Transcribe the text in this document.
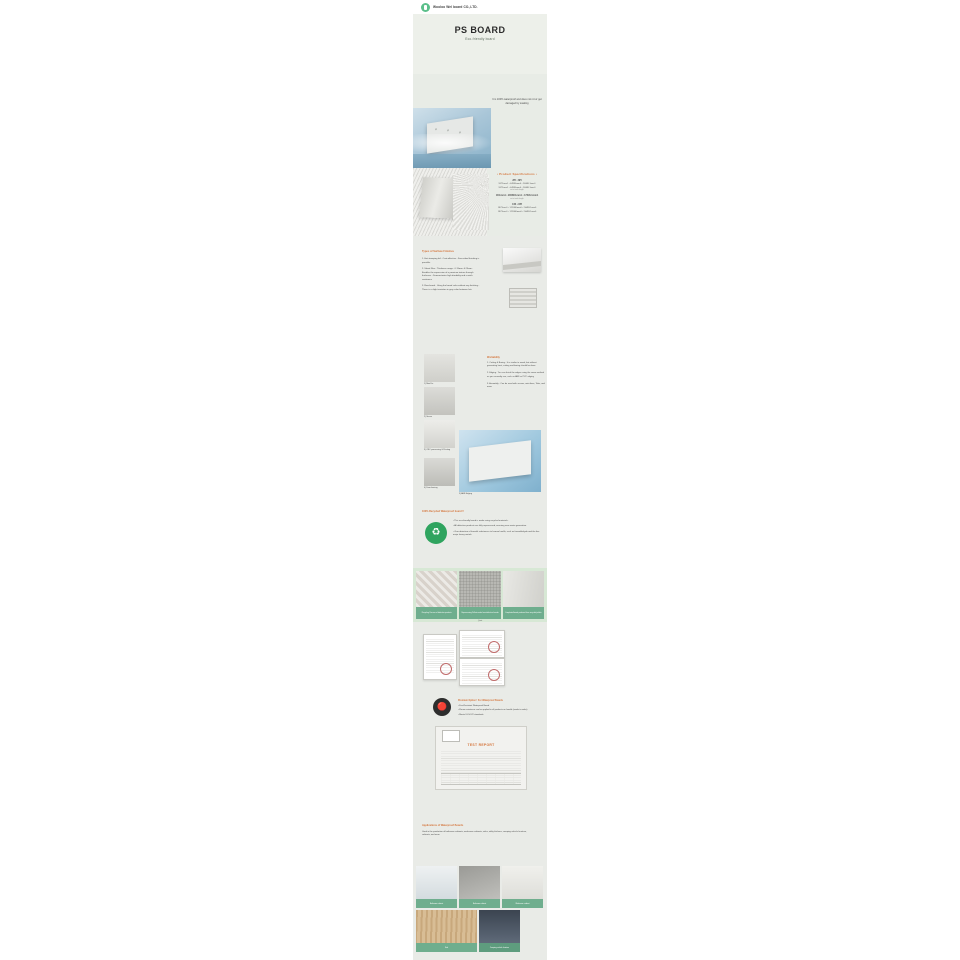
Wooloo Wel board CO.,LTD.
PS BOARD
Eco-friendly board
It is 100% waterproof and does not rot or get damaged by soaking
• Product Specifications •
2PI • 8PI
1872mm1 • 44980mm0 • 2H48L1mm1
1872mm1 • 44980mm0 • 2H48L1mm1
not at each length
1D1mm1 • 9008K1mm1 • 17K8L1mm1
not at each length
44S • 8PI
1872mm1 • 122080mm0 • 2H48L1mm0
1872mm1 • 122080mm0 • 2H48L1mm0
Types of Surface Finishes

1. Hot stamping foil - Cost-effective - Four-sided finishing is possible.

2. Sheet Film - Thickness range : 0.15mm~0.25mm - Enables the expression of a premium texture through thickness - Demonstrates high durability and scratch resistance

3. Raw board : Using the board color without any finishing - There is a slight variation in gray color between lots

Workability

1. Cutting & Boring : It is similar to wood, but without generating heat, cutting and boring should be done.

2. Edging : You can finish the edges using the same method as you currently use, such as ABS or PVC edging

3. Assembly : Can be used with screws, mini-fixes, Tabs, and more

1) Mini Fix
2) Screw
3) CNC processing & Printing
4) Door barring
5) ABS Edging
100% Recycled Waterproof board !!
♻

• This eco-friendly board is made using recycled materials.

• All defective products are fully reprocessed, ensuring zero waste generation.

• Zero detection of harmful substances to human health, such as formaldehyde and the five major heavy metals

Recycling Process of defective products	Reprocessing Pellets made from defective boards	Completed board produced from recycled pellets
Quot
🔴
Premium Option ! For Waterproof Boards

• Fire-Resistant Waterproof Board

• Flame resistance can be applied to all products on handle (made to order)

• Meets UL94 V2 standards.

TEST REPORT
Applications of Waterproof Boards
Used in the production of bathroom cabinets, washroom cabinets, sinks, utility kitchens, camping vehicle furniture, cabinets, and more
Bathroom cabinet	Bathroom cabinet	Washroom cabinet
Sink	Camping vehicle furniture
